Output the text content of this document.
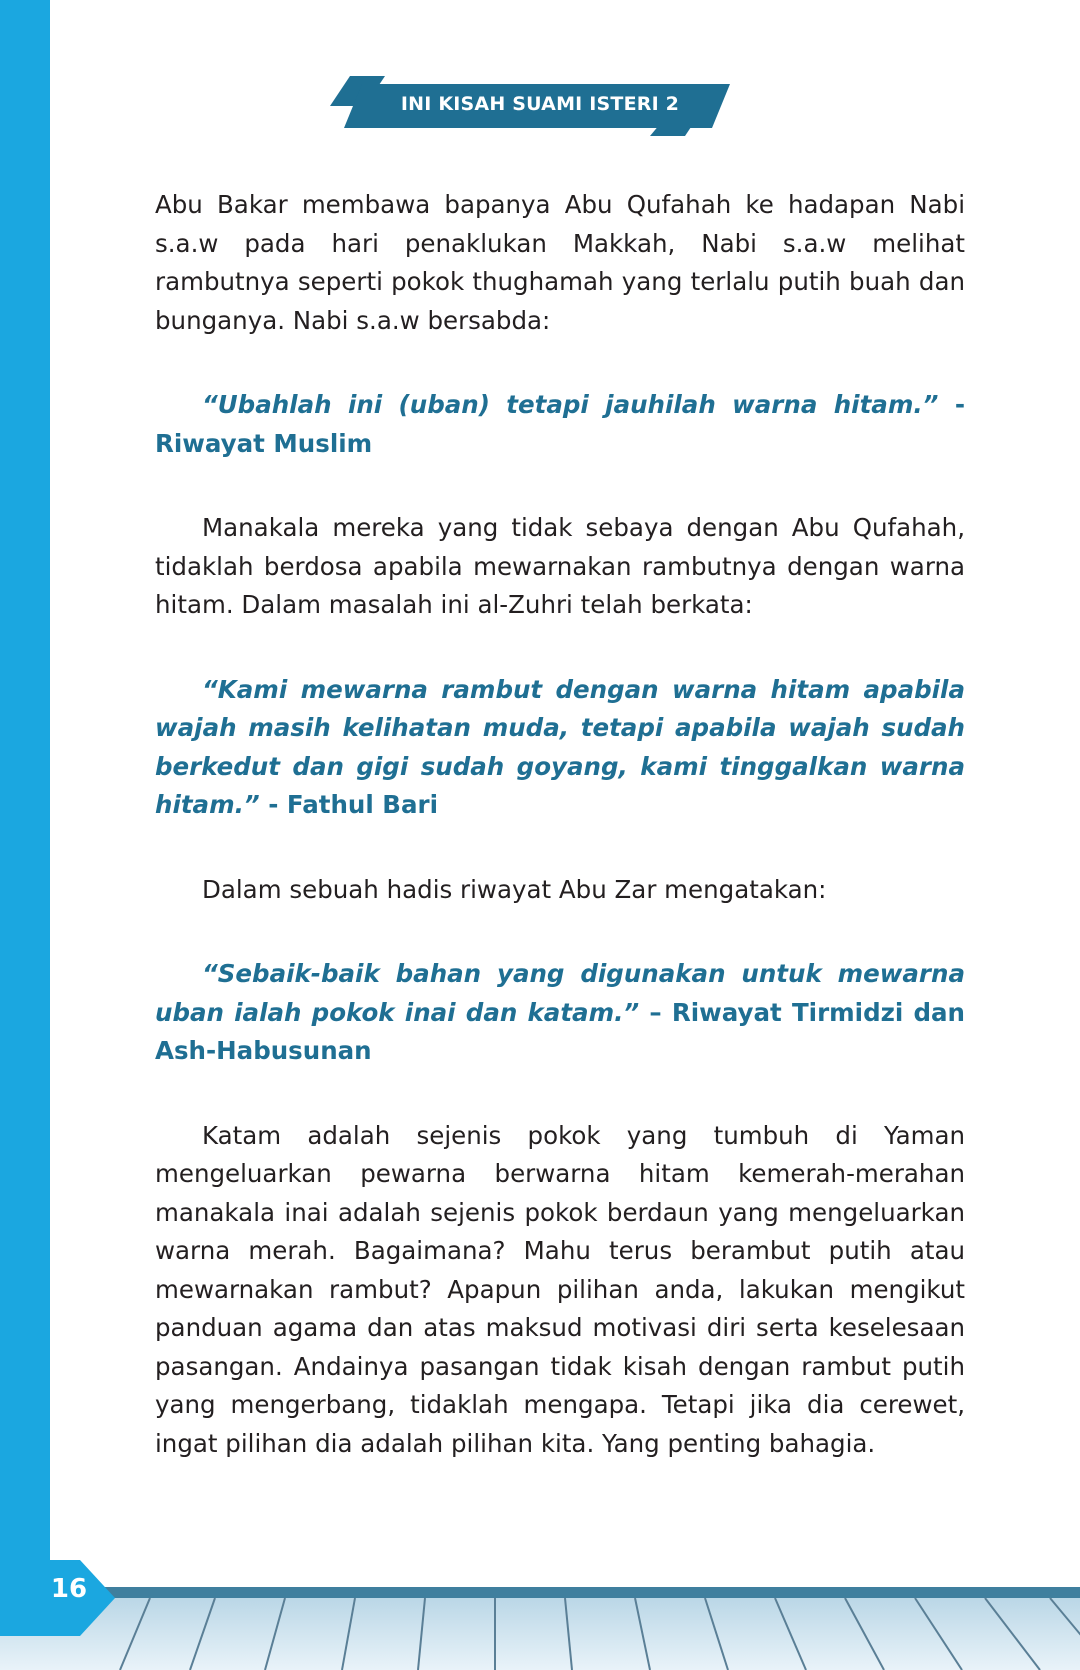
INI KISAH SUAMI ISTERI 2

Abu Bakar membawa bapanya Abu Qufahah ke hadapan Nabi s.a.w pada hari penaklukan Makkah, Nabi s.a.w melihat rambutnya seperti pokok thughamah yang terlalu putih buah dan bunganya. Nabi s.a.w bersabda:

“Ubahlah ini (uban) tetapi jauhilah warna hitam.” - Riwayat Muslim

Manakala mereka yang tidak sebaya dengan Abu Qufahah, tidaklah berdosa apabila mewarnakan rambutnya dengan warna hitam. Dalam masalah ini al-Zuhri telah berkata:

“Kami mewarna rambut dengan warna hitam apabila wajah masih kelihatan muda, tetapi apabila wajah sudah berkedut dan gigi sudah goyang, kami tinggalkan warna hitam.” - Fathul Bari

Dalam sebuah hadis riwayat Abu Zar mengatakan:

“Sebaik-baik bahan yang digunakan untuk mewarna uban ialah pokok inai dan katam.” – Riwayat Tirmidzi dan Ash-Habusunan

Katam adalah sejenis pokok yang tumbuh di Yaman mengeluarkan pewarna berwarna hitam kemerah-merahan manakala inai adalah sejenis pokok berdaun yang mengeluarkan warna merah. Bagaimana? Mahu terus berambut putih atau mewarnakan rambut? Apapun pilihan anda, lakukan mengikut panduan agama dan atas maksud motivasi diri serta keselesaan pasangan. Andainya pasangan tidak kisah dengan rambut putih yang mengerbang, tidaklah mengapa. Tetapi jika dia cerewet, ingat pilihan dia adalah pilihan kita. Yang penting bahagia.

16
